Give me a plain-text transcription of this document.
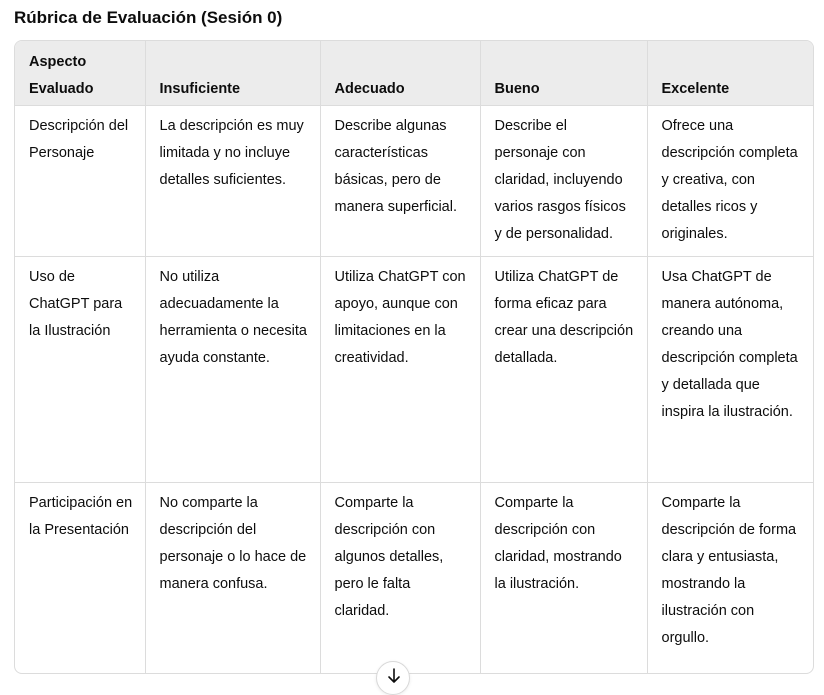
Rúbrica de Evaluación (Sesión 0)
Aspecto Evaluado	Insuficiente	Adecuado	Bueno	Excelente
Descripción del Personaje	La descripción es muy limitada y no incluye detalles suficientes.	Describe algunas características básicas, pero de manera superficial.	Describe el personaje con claridad, incluyendo varios rasgos físicos y de personalidad.	Ofrece una descripción completa y creativa, con detalles ricos y originales.
Uso de ChatGPT para la Ilustración	No utiliza adecuadamente la herramienta o necesita ayuda constante.	Utiliza ChatGPT con apoyo, aunque con limitaciones en la creatividad.	Utiliza ChatGPT de forma eficaz para crear una descripción detallada.	Usa ChatGPT de manera autónoma, creando una descripción completa y detallada que inspira la ilustración.
Participación en la Presentación	No comparte la descripción del personaje o lo hace de manera confusa.	Comparte la descripción con algunos detalles, pero le falta claridad.	Comparte la descripción con claridad, mostrando la ilustración.	Comparte la descripción de forma clara y entusiasta, mostrando la ilustración con orgullo.
